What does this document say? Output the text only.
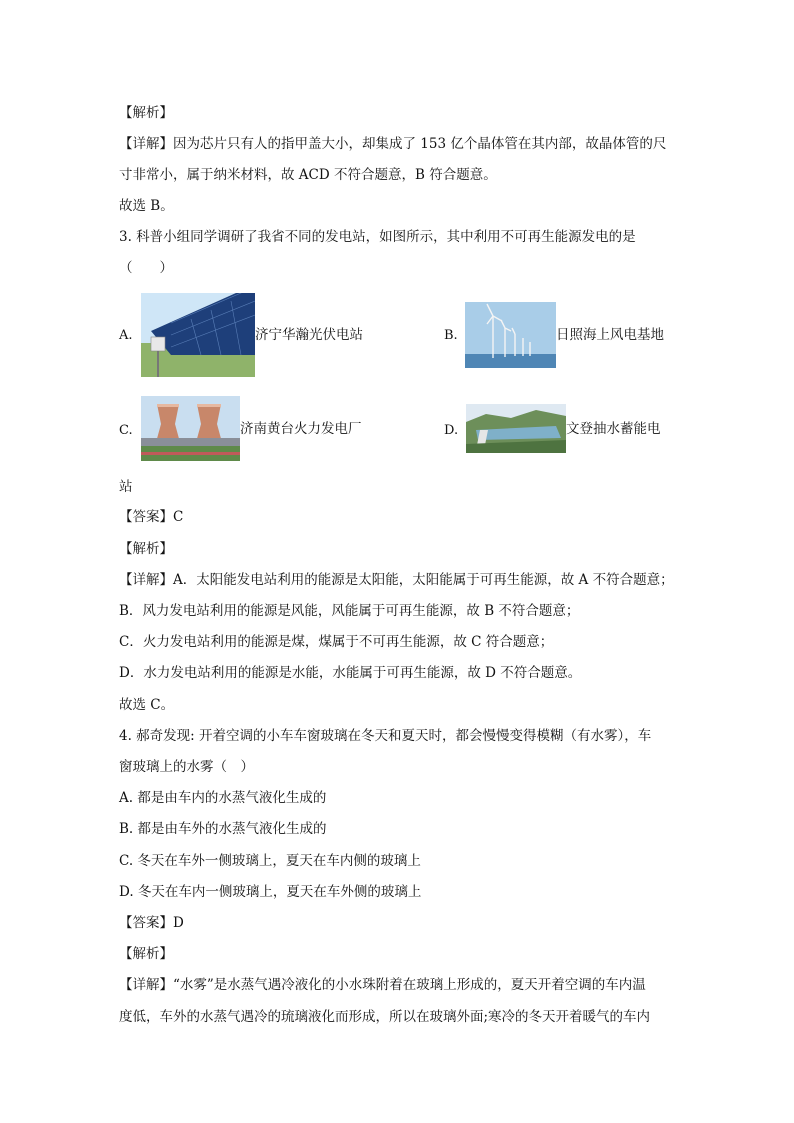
【解析】
【详解】因为芯片只有人的指甲盖大小，却集成了 153 亿个晶体管在其内部，故晶体管的尺
寸非常小，属于纳米材料，故 ACD 不符合题意，B 符合题意。
故选 B。
3. 科普小组同学调研了我省不同的发电站，如图所示，其中利用不可再生能源发电的是
（　　）
A.	济宁华瀚光伏电站	B.	日照海上风电基地
C.	济南黄台火力发电厂	D.	文登抽水蓄能电
站
【答案】C
【解析】
【详解】A．太阳能发电站利用的能源是太阳能，太阳能属于可再生能源，故 A 不符合题意；
B．风力发电站利用的能源是风能，风能属于可再生能源，故 B 不符合题意；
C．火力发电站利用的能源是煤，煤属于不可再生能源，故 C 符合题意；
D．水力发电站利用的能源是水能，水能属于可再生能源，故 D 不符合题意。
故选 C。
4. 郝奇发现: 开着空调的小车车窗玻璃在冬天和夏天时，都会慢慢变得模糊（有水雾），车
窗玻璃上的水雾（　）
A. 都是由车内的水蒸气液化生成的
B. 都是由车外的水蒸气液化生成的
C. 冬天在车外一侧玻璃上，夏天在车内侧的玻璃上
D. 冬天在车内一侧玻璃上，夏天在车外侧的玻璃上
【答案】D
【解析】
【详解】“水雾”是水蒸气遇冷液化的小水珠附着在玻璃上形成的，夏天开着空调的车内温
度低，车外的水蒸气遇冷的琉璃液化而形成，所以在玻璃外面;寒冷的冬天开着暖气的车内
